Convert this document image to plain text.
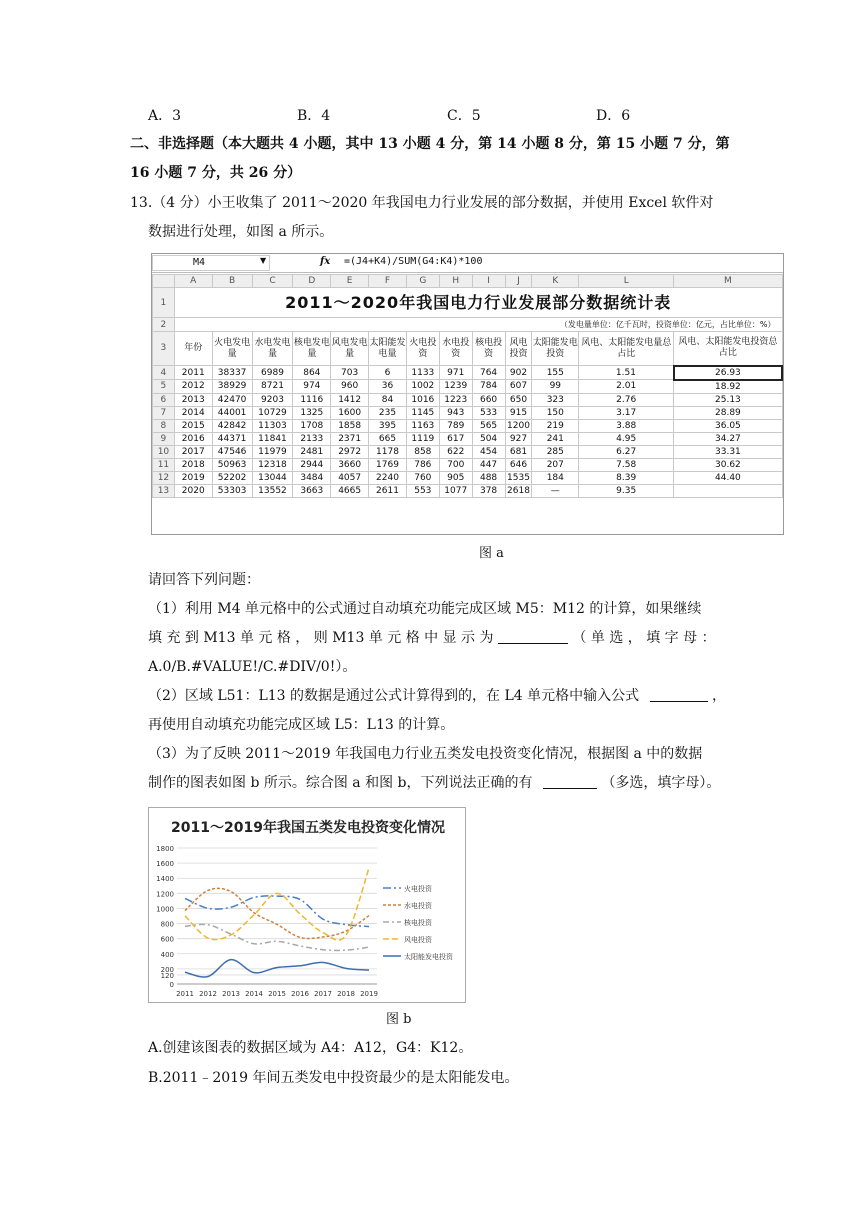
A．3	B．4	C．5	D．6
二、非选择题（本大题共 4 小题，其中 13 小题 4 分，第 14 小题 8 分，第 15 小题 7 分，第
16 小题 7 分，共 26 分）
13.（4 分）小王收集了 2011～2020 年我国电力行业发展的部分数据，并使用 Excel 软件对
数据进行处理，如图 a 所示。
M4	▼	fx =(J4+K4)/SUM(G4:K4)*100
	A	B	C	D	E	F	G	H	I	J	K	L	M
1	2011～2020年我国电力行业发展部分数据统计表												
2	（发电量单位：亿千瓦时，投资单位：亿元，占比单位：%）												
3	年份	火电发电量	水电发电量	核电发电量	风电发电量	太阳能发电量	火电投资	水电投资	核电投资	风电投资	太阳能发电投资	风电、太阳能发电量总占比	风电、太阳能发电投资总占比
4	2011	38337	6989	864	703	6	1133	971	764	902	155	1.51	26.93
5	2012	38929	8721	974	960	36	1002	1239	784	607	99	2.01	18.92
6	2013	42470	9203	1116	1412	84	1016	1223	660	650	323	2.76	25.13
7	2014	44001	10729	1325	1600	235	1145	943	533	915	150	3.17	28.89
8	2015	42842	11303	1708	1858	395	1163	789	565	1200	219	3.88	36.05
9	2016	44371	11841	2133	2371	665	1119	617	504	927	241	4.95	34.27
10	2017	47546	11979	2481	2972	1178	858	622	454	681	285	6.27	33.31
11	2018	50963	12318	2944	3660	1769	786	700	447	646	207	7.58	30.62
12	2019	52202	13044	3484	4057	2240	760	905	488	1535	184	8.39	44.40
13	2020	53303	13552	3663	4665	2611	553	1077	378	2618	—	9.35	
图 a
请回答下列问题：
（1）利用 M4 单元格中的公式通过自动填充功能完成区域 M5：M12 的计算，如果继续
填 充 到 M13 单 元 格 ， 则 M13 单 元 格 中 显 示 为	（ 单 选 ， 填 字 母 ：
A.0/B.#VALUE!/C.#DIV/0!）。
（2）区域 L51：L13 的数据是通过公式计算得到的，在 L4 单元格中输入公式	，
再使用自动填充功能完成区域 L5：L13 的计算。
（3）为了反映 2011～2019 年我国电力行业五类发电投资变化情况，根据图 a 中的数据
制作的图表如图 b 所示。综合图 a 和图 b，下列说法正确的有	（多选，填字母）。
2011～2019年我国五类发电投资变化情况
0
120
200
400
600
800
1000
1200
1400
1600
1800
2011 2012 2013 2014 2015 2016 2017 2018 2019
火电投资
水电投资
核电投资
风电投资
太阳能发电投资
图 b
A.创建该图表的数据区域为 A4：A12，G4：K12。
B.2011﹣2019 年间五类发电中投资最少的是太阳能发电。
